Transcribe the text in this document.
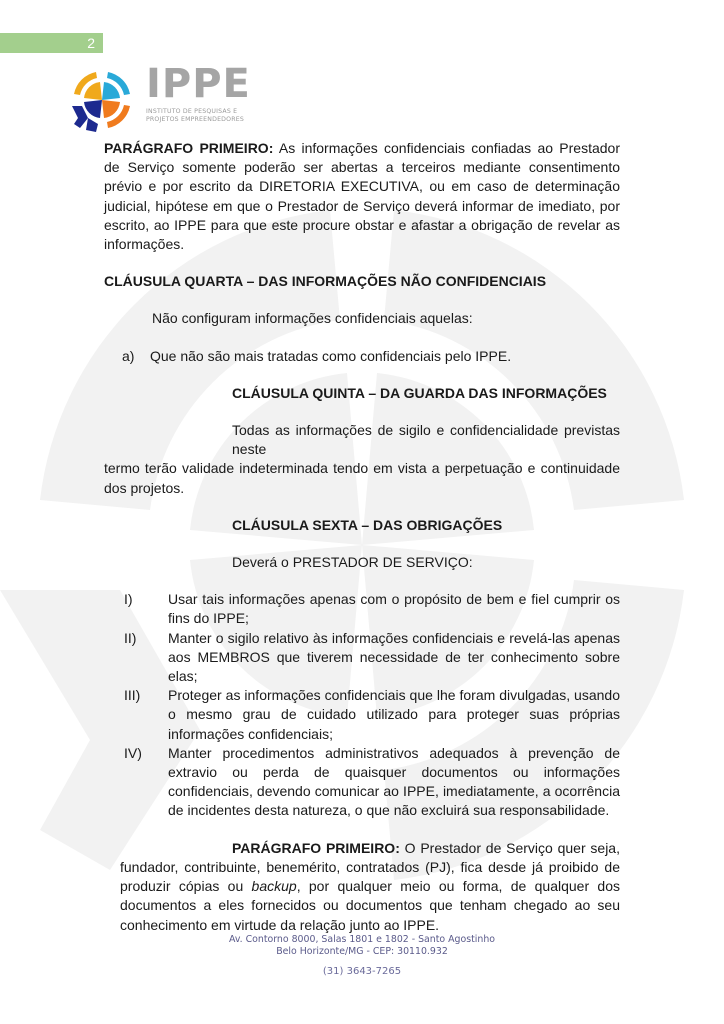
2
IPPE
INSTITUTO DE PESQUISAS E
PROJETOS EMPREENDEDORES

PARÁGRAFO PRIMEIRO: As informações confidenciais confiadas ao Prestador de Serviço somente poderão ser abertas a terceiros mediante consentimento prévio e por escrito da DIRETORIA EXECUTIVA, ou em caso de determinação judicial, hipótese em que o Prestador de Serviço deverá informar de imediato, por escrito, ao IPPE para que este procure obstar e afastar a obrigação de revelar as informações.

CLÁUSULA QUARTA – DAS INFORMAÇÕES NÃO CONFIDENCIAIS

Não configuram informações confidenciais aquelas:

a)	Que não são mais tratadas como confidenciais pelo IPPE.

CLÁUSULA QUINTA – DA GUARDA DAS INFORMAÇÕES

Todas as informações de sigilo e confidencialidade previstas neste

termo terão validade indeterminada tendo em vista a perpetuação e continuidade dos projetos.

CLÁUSULA SEXTA – DAS OBRIGAÇÕES

Deverá o PRESTADOR DE SERVIÇO:

I)	Usar tais informações apenas com o propósito de bem e fiel cumprir os fins do IPPE;
II)	Manter o sigilo relativo às informações confidenciais e revelá-las apenas aos MEMBROS que tiverem necessidade de ter conhecimento sobre elas;
III)	Proteger as informações confidenciais que lhe foram divulgadas, usando o mesmo grau de cuidado utilizado para proteger suas próprias informações confidenciais;
IV)	Manter procedimentos administrativos adequados à prevenção de extravio ou perda de quaisquer documentos ou informações confidenciais, devendo comunicar ao IPPE, imediatamente, a ocorrência de incidentes desta natureza, o que não excluirá sua responsabilidade.

PARÁGRAFO PRIMEIRO: O Prestador de Serviço quer seja, fundador, contribuinte, benemérito, contratados (PJ), fica desde já proibido de produzir cópias ou backup, por qualquer meio ou forma, de qualquer dos documentos a eles fornecidos ou documentos que tenham chegado ao seu conhecimento em virtude da relação junto ao IPPE.

Av. Contorno 8000, Salas 1801 e 1802 - Santo Agostinho
Belo Horizonte/MG - CEP: 30110.932
(31) 3643-7265
